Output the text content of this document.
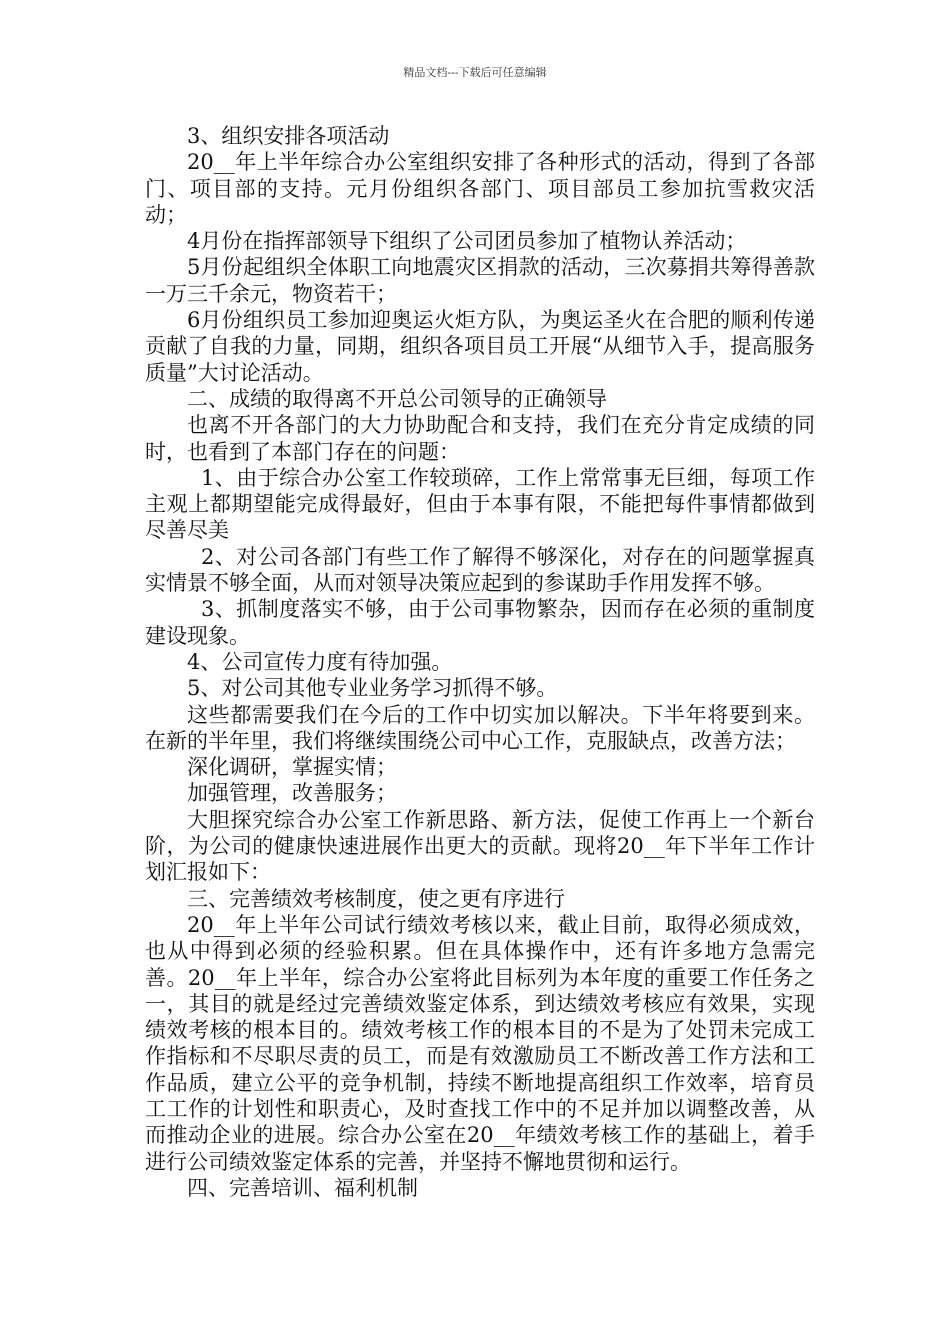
精品文档---下载后可任意编辑

3、组织安排各项活动

20__年上半年综合办公室组织安排了各种形式的活动，得到了各部门、项目部的支持。元月份组织各部门、项目部员工参加抗雪救灾活动；

4月份在指挥部领导下组织了公司团员参加了植物认养活动；

5月份起组织全体职工向地震灾区捐款的活动，三次募捐共筹得善款一万三千余元，物资若干；

6月份组织员工参加迎奥运火炬方队，为奥运圣火在合肥的顺利传递贡献了自我的力量，同期，组织各项目员工开展“从细节入手，提高服务质量”大讨论活动。

二、成绩的取得离不开总公司领导的正确领导

也离不开各部门的大力协助配合和支持，我们在充分肯定成绩的同时，也看到了本部门存在的问题：

1、由于综合办公室工作较琐碎，工作上常常事无巨细，每项工作主观上都期望能完成得最好，但由于本事有限，不能把每件事情都做到尽善尽美

2、对公司各部门有些工作了解得不够深化，对存在的问题掌握真实情景不够全面，从而对领导决策应起到的参谋助手作用发挥不够。

3、抓制度落实不够，由于公司事物繁杂，因而存在必须的重制度建设现象。

4、公司宣传力度有待加强。

5、对公司其他专业业务学习抓得不够。

这些都需要我们在今后的工作中切实加以解决。下半年将要到来。在新的半年里，我们将继续围绕公司中心工作，克服缺点，改善方法；

深化调研，掌握实情；

加强管理，改善服务；

大胆探究综合办公室工作新思路、新方法，促使工作再上一个新台阶，为公司的健康快速进展作出更大的贡献。现将20__年下半年工作计划汇报如下：

三、完善绩效考核制度，使之更有序进行

20__年上半年公司试行绩效考核以来，截止目前，取得必须成效，也从中得到必须的经验积累。但在具体操作中，还有许多地方急需完善。20__年上半年，综合办公室将此目标列为本年度的重要工作任务之一，其目的就是经过完善绩效鉴定体系，到达绩效考核应有效果，实现绩效考核的根本目的。绩效考核工作的根本目的不是为了处罚未完成工作指标和不尽职尽责的员工，而是有效激励员工不断改善工作方法和工作品质，建立公平的竞争机制，持续不断地提高组织工作效率，培育员工工作的计划性和职责心，及时查找工作中的不足并加以调整改善，从而推动企业的进展。综合办公室在20__年绩效考核工作的基础上，着手进行公司绩效鉴定体系的完善，并坚持不懈地贯彻和运行。

四、完善培训、福利机制
